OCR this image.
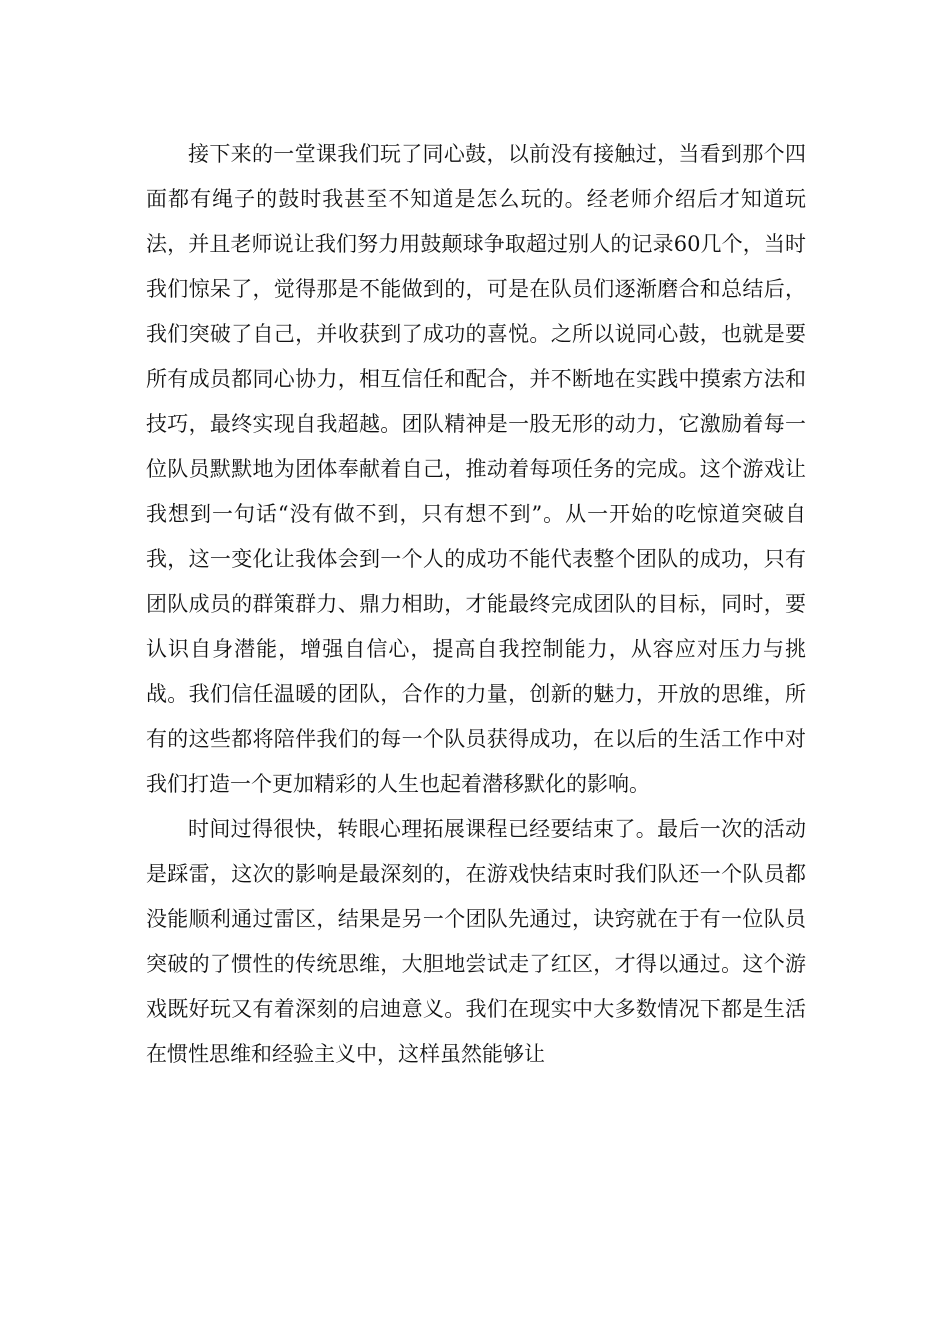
接下来的一堂课我们玩了同心鼓，以前没有接触过，当看到那个四面都有绳子的鼓时我甚至不知道是怎么玩的。经老师介绍后才知道玩法，并且老师说让我们努力用鼓颠球争取超过别人的记录60几个，当时我们惊呆了，觉得那是不能做到的，可是在队员们逐渐磨合和总结后，我们突破了自己，并收获到了成功的喜悦。之所以说同心鼓，也就是要所有成员都同心协力，相互信任和配合，并不断地在实践中摸索方法和技巧，最终实现自我超越。团队精神是一股无形的动力，它激励着每一位队员默默地为团体奉献着自己，推动着每项任务的完成。这个游戏让我想到一句话“没有做不到，只有想不到”。从一开始的吃惊道突破自我，这一变化让我体会到一个人的成功不能代表整个团队的成功，只有团队成员的群策群力、鼎力相助，才能最终完成团队的目标，同时，要认识自身潜能，增强自信心，提高自我控制能力，从容应对压力与挑战。我们信任温暖的团队，合作的力量，创新的魅力，开放的思维，所有的这些都将陪伴我们的每一个队员获得成功，在以后的生活工作中对我们打造一个更加精彩的人生也起着潜移默化的影响。

时间过得很快，转眼心理拓展课程已经要结束了。最后一次的活动是踩雷，这次的影响是最深刻的，在游戏快结束时我们队还一个队员都没能顺利通过雷区，结果是另一个团队先通过，诀窍就在于有一位队员突破的了惯性的传统思维，大胆地尝试走了红区，才得以通过。这个游戏既好玩又有着深刻的启迪意义。我们在现实中大多数情况下都是生活在惯性思维和经验主义中，这样虽然能够让
